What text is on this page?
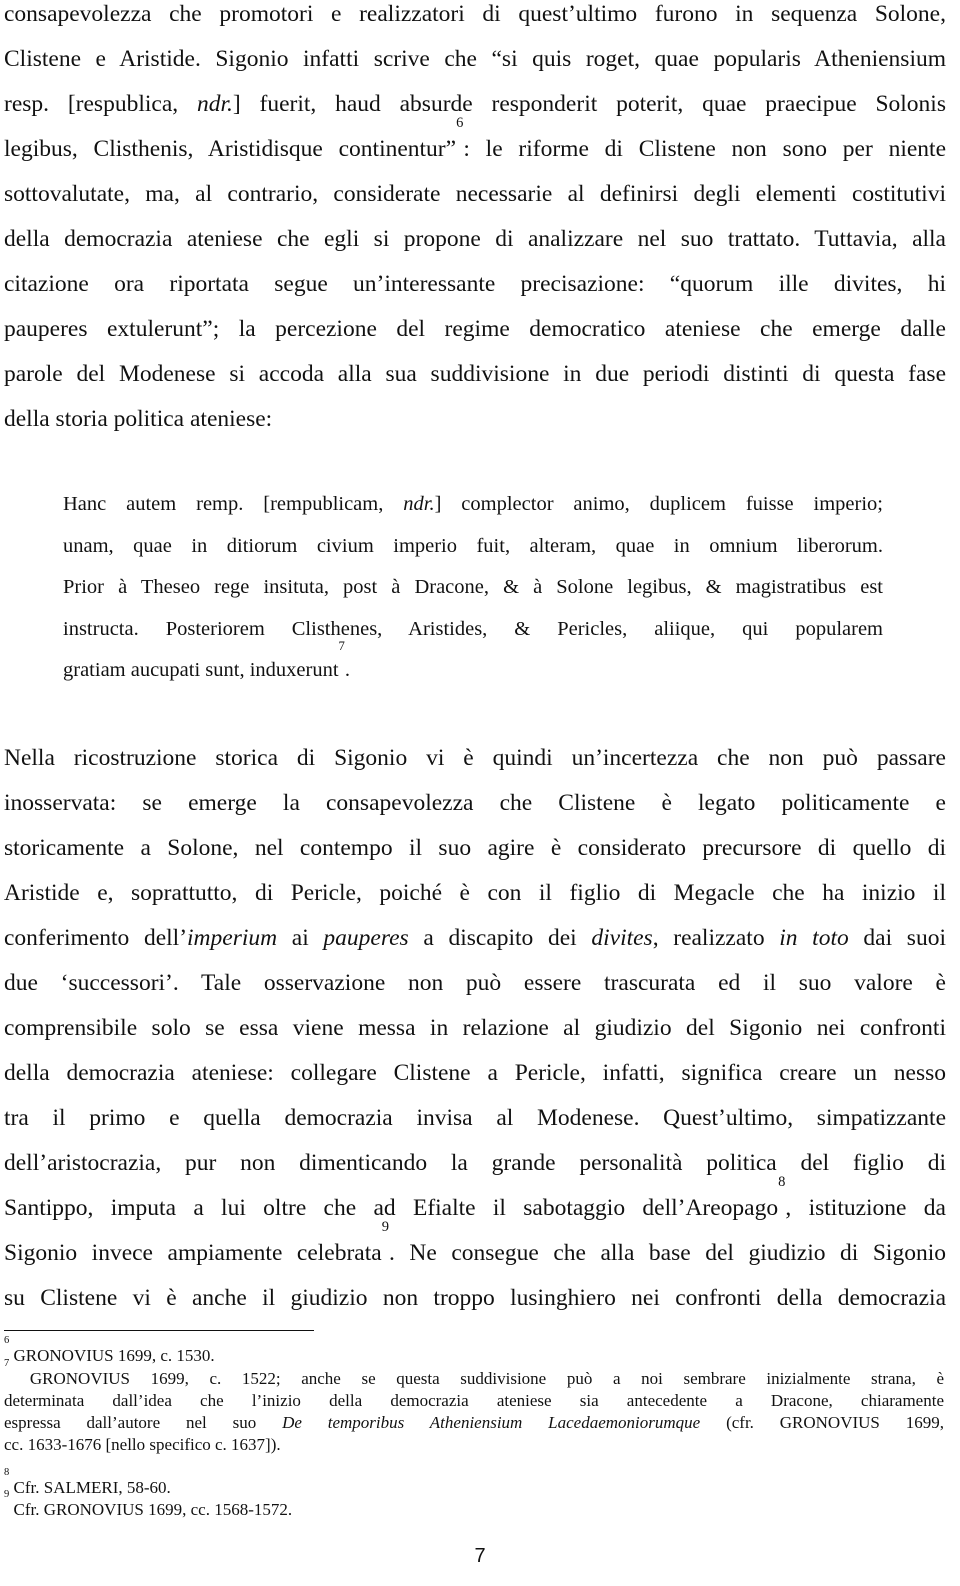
consapevolezza che promotori e realizzatori di quest’ultimo furono in sequenza Solone,
Clistene e Aristide. Sigonio infatti scrive che “si quis roget, quae popularis Atheniensium
resp. [respublica, ndr.] fuerit, haud absurde responderit poterit, quae praecipue Solonis
legibus, Clisthenis, Aristidisque continentur”$^6$: le riforme di Clistene non sono per niente
sottovalutate, ma, al contrario, considerate necessarie al definirsi degli elementi costitutivi
della democrazia ateniese che egli si propone di analizzare nel suo trattato. Tuttavia, alla
citazione ora riportata segue un’interessante precisazione: “quorum ille divites, hi
pauperes extulerunt”; la percezione del regime democratico ateniese che emerge dalle
parole del Modenese si accoda alla sua suddivisione in due periodi distinti di questa fase
della storia politica ateniese:
Hanc autem remp. [rempublicam, ndr.] complector animo, duplicem fuisse imperio;
unam, quae in ditiorum civium imperio fuit, alteram, quae in omnium liberorum.
Prior à Theseo rege insituta, post à Dracone, & à Solone legibus, & magistratibus est
instructa. Posteriorem Clisthenes, Aristides, & Pericles, aliique, qui popularem
gratiam aucupati sunt, induxerunt$^7$.
Nella ricostruzione storica di Sigonio vi è quindi un’incertezza che non può passare
inosservata: se emerge la consapevolezza che Clistene è legato politicamente e
storicamente a Solone, nel contempo il suo agire è considerato precursore di quello di
Aristide e, soprattutto, di Pericle, poiché è con il figlio di Megacle che ha inizio il
conferimento dell’imperium ai pauperes a discapito dei divites, realizzato in toto dai suoi
due ‘successori’. Tale osservazione non può essere trascurata ed il suo valore è
comprensibile solo se essa viene messa in relazione al giudizio del Sigonio nei confronti
della democrazia ateniese: collegare Clistene a Pericle, infatti, significa creare un nesso
tra il primo e quella democrazia invisa al Modenese. Quest’ultimo, simpatizzante
dell’aristocrazia, pur non dimenticando la grande personalità politica del figlio di
Santippo, imputa a lui oltre che ad Efialte il sabotaggio dell’Areopago$^8$, istituzione da
Sigonio invece ampiamente celebrata$^9$. Ne consegue che alla base del giudizio di Sigonio
su Clistene vi è anche il giudizio non troppo lusinghiero nei confronti della democrazia
$^6$ GRONOVIUS 1699, c. 1530.
$^7$ GRONOVIUS 1699, c. 1522; anche se questa suddivisione può a noi sembrare inizialmente strana, è
determinata dall’idea che l’inizio della democrazia ateniese sia antecedente a Dracone, chiaramente
espressa dall’autore nel suo De temporibus Atheniensium Lacedaemoniorumque (cfr. GRONOVIUS 1699,
cc. 1633-1676 [nello specifico c. 1637]).
$^8$ Cfr. SALMERI, 58-60.
$^9$ Cfr. GRONOVIUS 1699, cc. 1568-1572.
7
